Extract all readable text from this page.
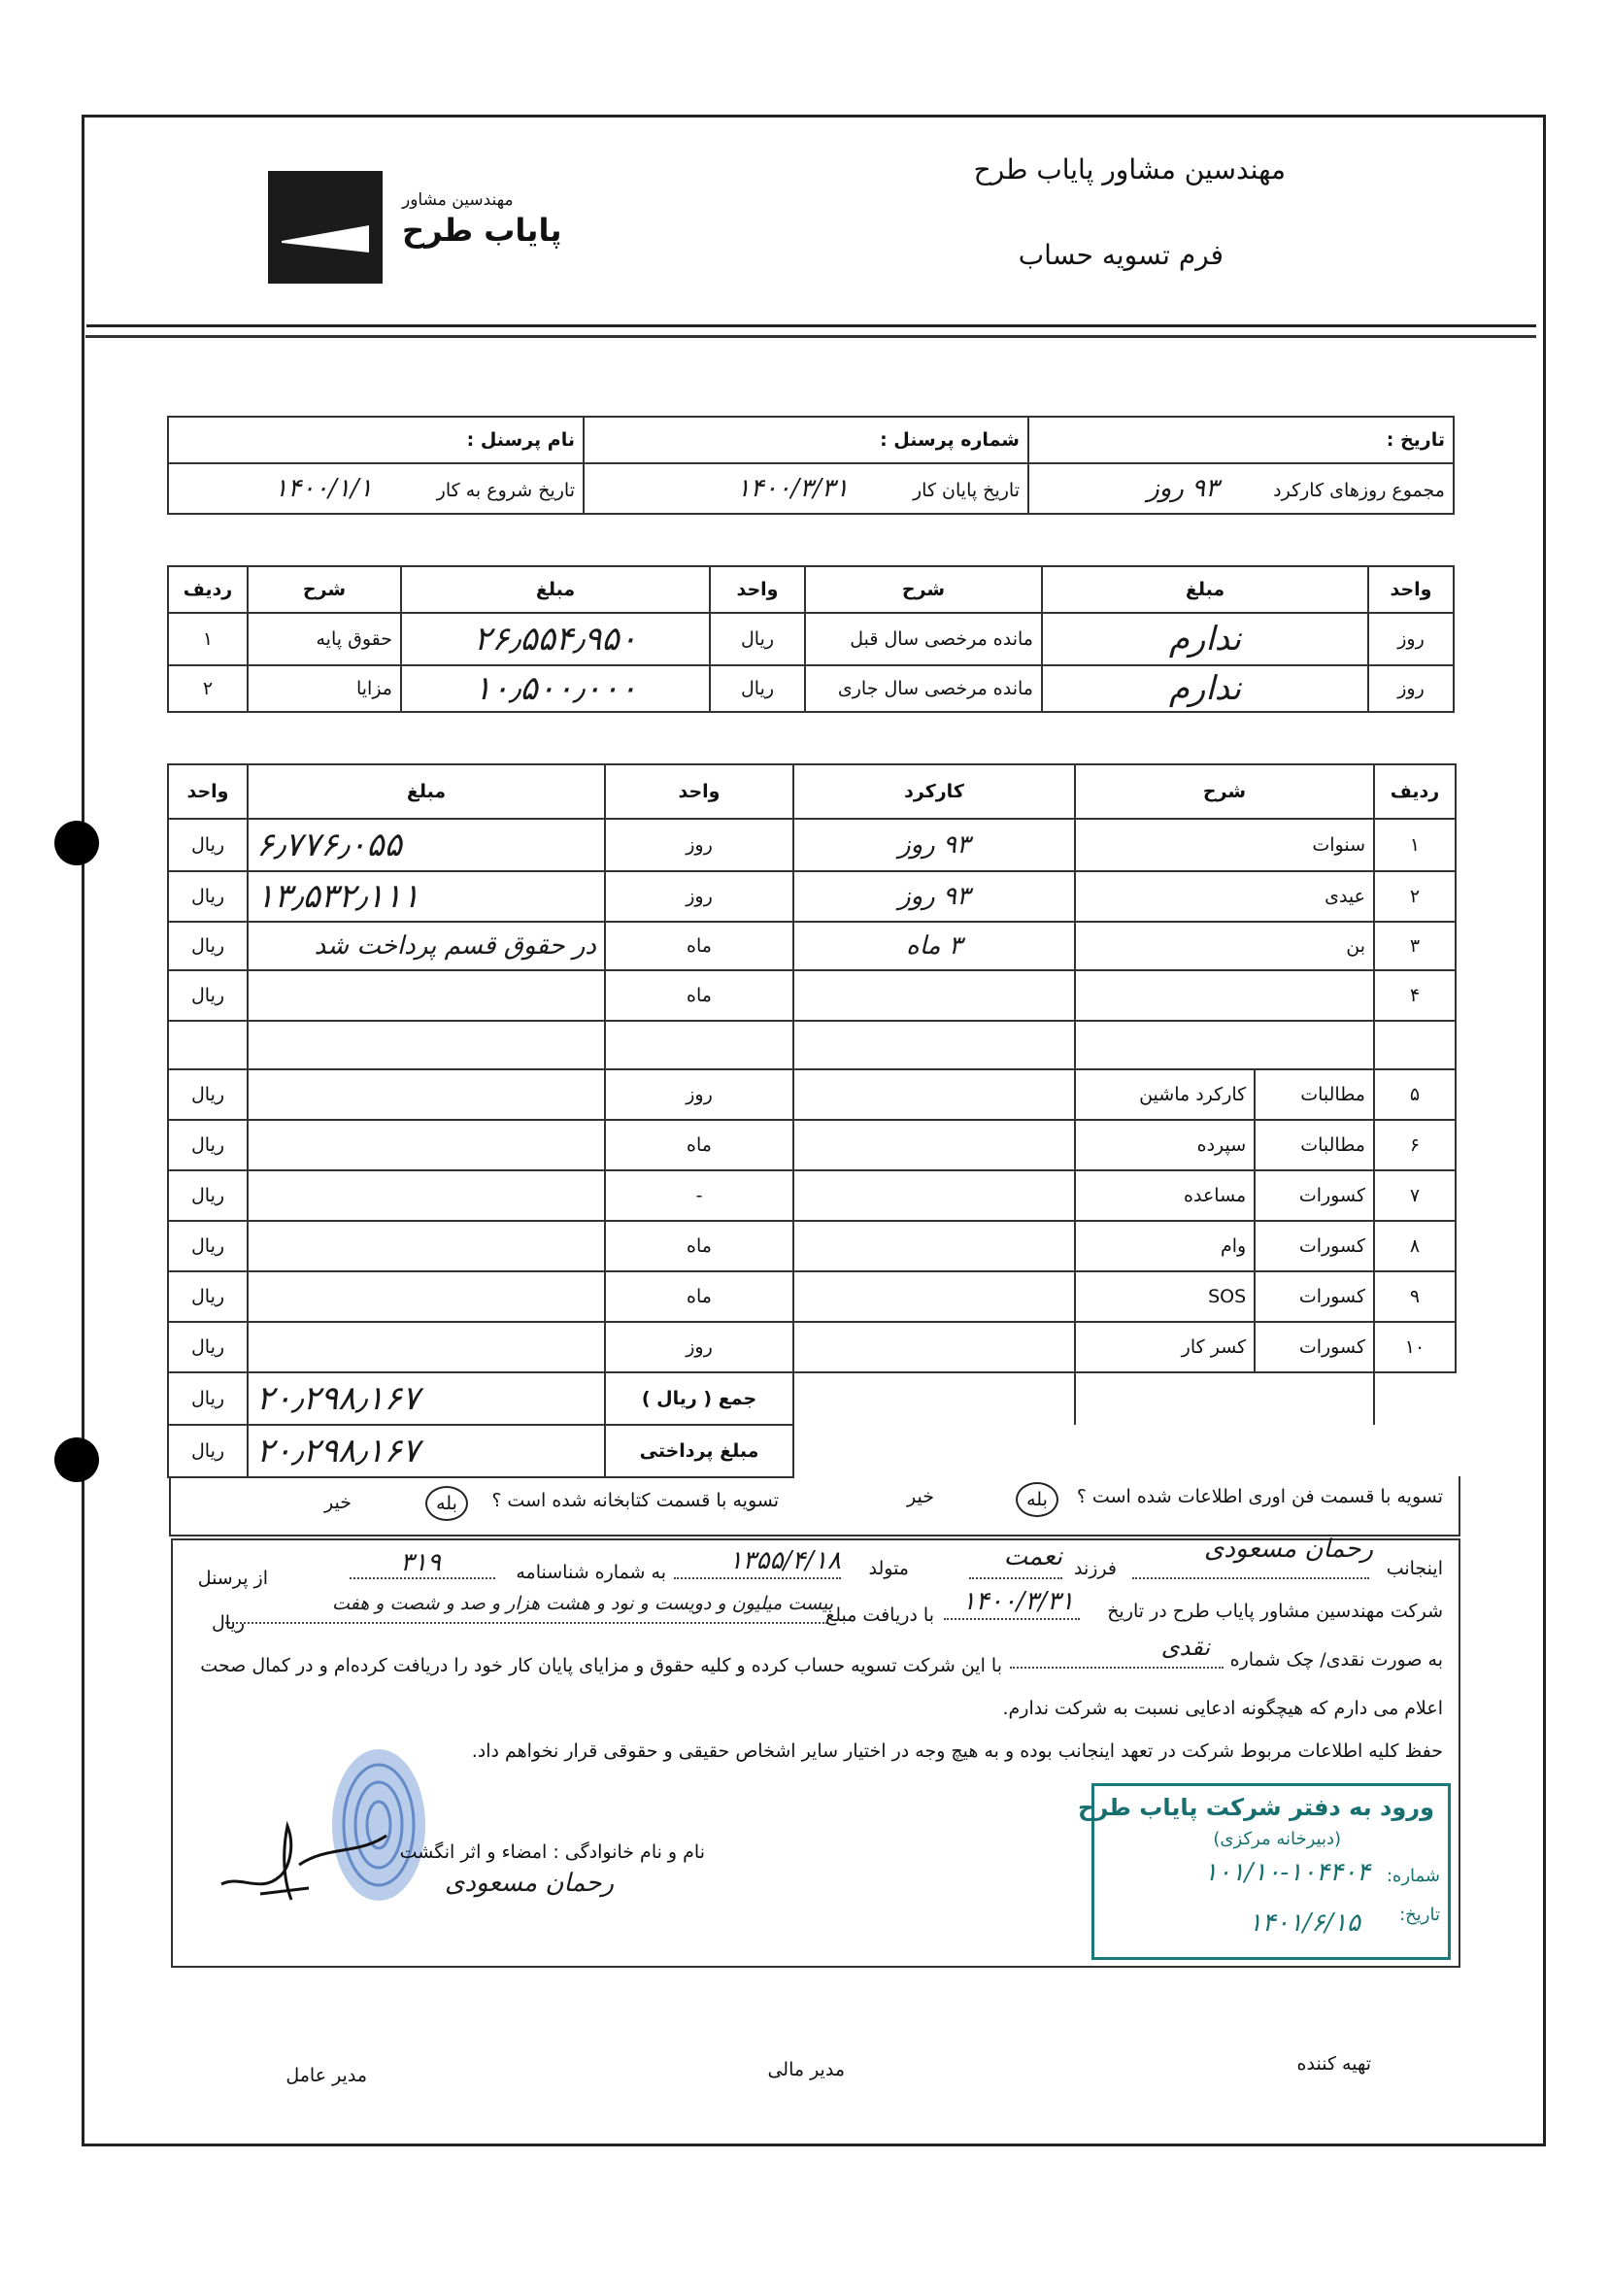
مهندسین مشاور پایاب طرح
فرم تسویه حساب
مهندسین مشاور
پایاب طرح
نام پرسنل :	شماره پرسنل :	تاریخ :
تاریخ شروع به کار ۱۴۰۰/۱/۱	تاریخ پایان کار ۱۴۰۰/۳/۳۱	مجموع روزهای کارکرد ۹۳ روز
ردیف	شرح	مبلغ	واحد	شرح	مبلغ	واحد
۱	حقوق پایه	۲۶٫۵۵۴٫۹۵۰	ریال	مانده مرخصی سال قبل	ندارم	روز
۲	مزایا	۱۰٫۵۰۰٫۰۰۰	ریال	مانده مرخصی سال جاری	ندارم	روز
واحد	مبلغ	واحد	کارکرد	شرح		ردیف
ریال	۶٫۷۷۶٫۰۵۵	روز	۹۳ روز	سنوات		۱
ریال	۱۳٫۵۳۲٫۱۱۱	روز	۹۳ روز	عیدی		۲
ریال	در حقوق قسم پرداخت شد	ماه	۳ ماه	بن		۳
ریال		ماه				۴

ریال		روز		کارکرد ماشین	مطالبات	۵
ریال		ماه		سپرده	مطالبات	۶
ریال		-		مساعده	کسورات	۷
ریال		ماه		وام	کسورات	۸
ریال		ماه		SOS	کسورات	۹
ریال		روز		کسر کار	کسورات	۱۰
ریال	۲۰٫۲۹۸٫۱۶۷	جمع ( ریال )				
ریال	۲۰٫۲۹۸٫۱۶۷	مبلغ پرداختی				
تسویه با قسمت فن اوری اطلاعات شده است ؟
بله
خیر
تسویه با قسمت کتابخانه شده است ؟
بله
خیر
اینجانب
رحمان مسعودی
فرزند
نعمت
متولد
۱۳۵۵/۴/۱۸
به شماره شناسنامه
۳۱۹
از پرسنل
شرکت مهندسین مشاور پایاب طرح در تاریخ
۱۴۰۰/۳/۳۱
با دریافت مبلغ
بیست میلیون و دویست و نود و هشت هزار و صد و شصت و هفت
ریال
به صورت نقدی/ چک شماره
نقدی
با این شرکت تسویه حساب کرده و کلیه حقوق و مزایای پایان کار خود را دریافت کرده‌ام و در کمال صحت
اعلام می دارم که هیچگونه ادعایی نسبت به شرکت ندارم.
حفظ کلیه اطلاعات مربوط شرکت در تعهد اینجانب بوده و به هیچ وجه در اختیار سایر اشخاص حقیقی و حقوقی قرار نخواهم داد.
نام و نام خانوادگی : امضاء و اثر انگشت
رحمان مسعودی
ورود به دفتر شرکت پایاب طرح
(دبیرخانه مرکزی)
شماره:
۱۰۱/۱۰-۱۰۴۴۰۴
تاریخ:
۱۴۰۱/۶/۱۵
تهیه کننده
مدیر مالی
مدیر عامل
